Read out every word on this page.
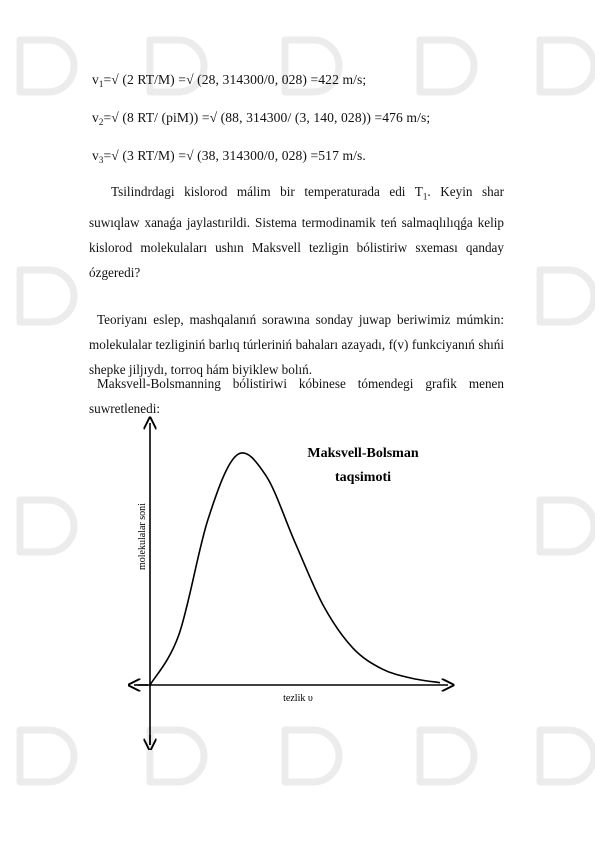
$v_1=√$ (2 RT/M) =√ (28, 314300/0, 028) =422 m/s;
$v_2=√$ (8 RT/ (piM)) =√ (88, 314300/ (3, 140, 028)) =476 m/s;
$v_3=√$ (3 RT/M) =√ (38, 314300/0, 028) =517 m/s.

Tsilindrdagi kislorod málim bir temperaturada edi $T_1$. Keyin shar suwıqlaw xanaǵa jaylastırildi. Sistema termodinamik teń salmaqlılıqǵa kelip kislorod molekulaları ushın Maksvell tezligin bólistiriw sxeması qanday ózgeredi?

Teoriyanı eslep, mashqalanıń sorawına sonday juwap beriwimiz múmkin: molekulalar tezliginiń barlıq túrleriniń bahaları azayadı, f(v) funkciyanıń shıńi shepke jiljıydı, torroq hám biyiklew bolıń.

Maksvell-Bolsmanning bólistiriwi kóbinese tómendegi grafik menen suwretlenedi:

Maksvell-Bolsman
taqsimoti
molekulalar soni
tezlik υ
